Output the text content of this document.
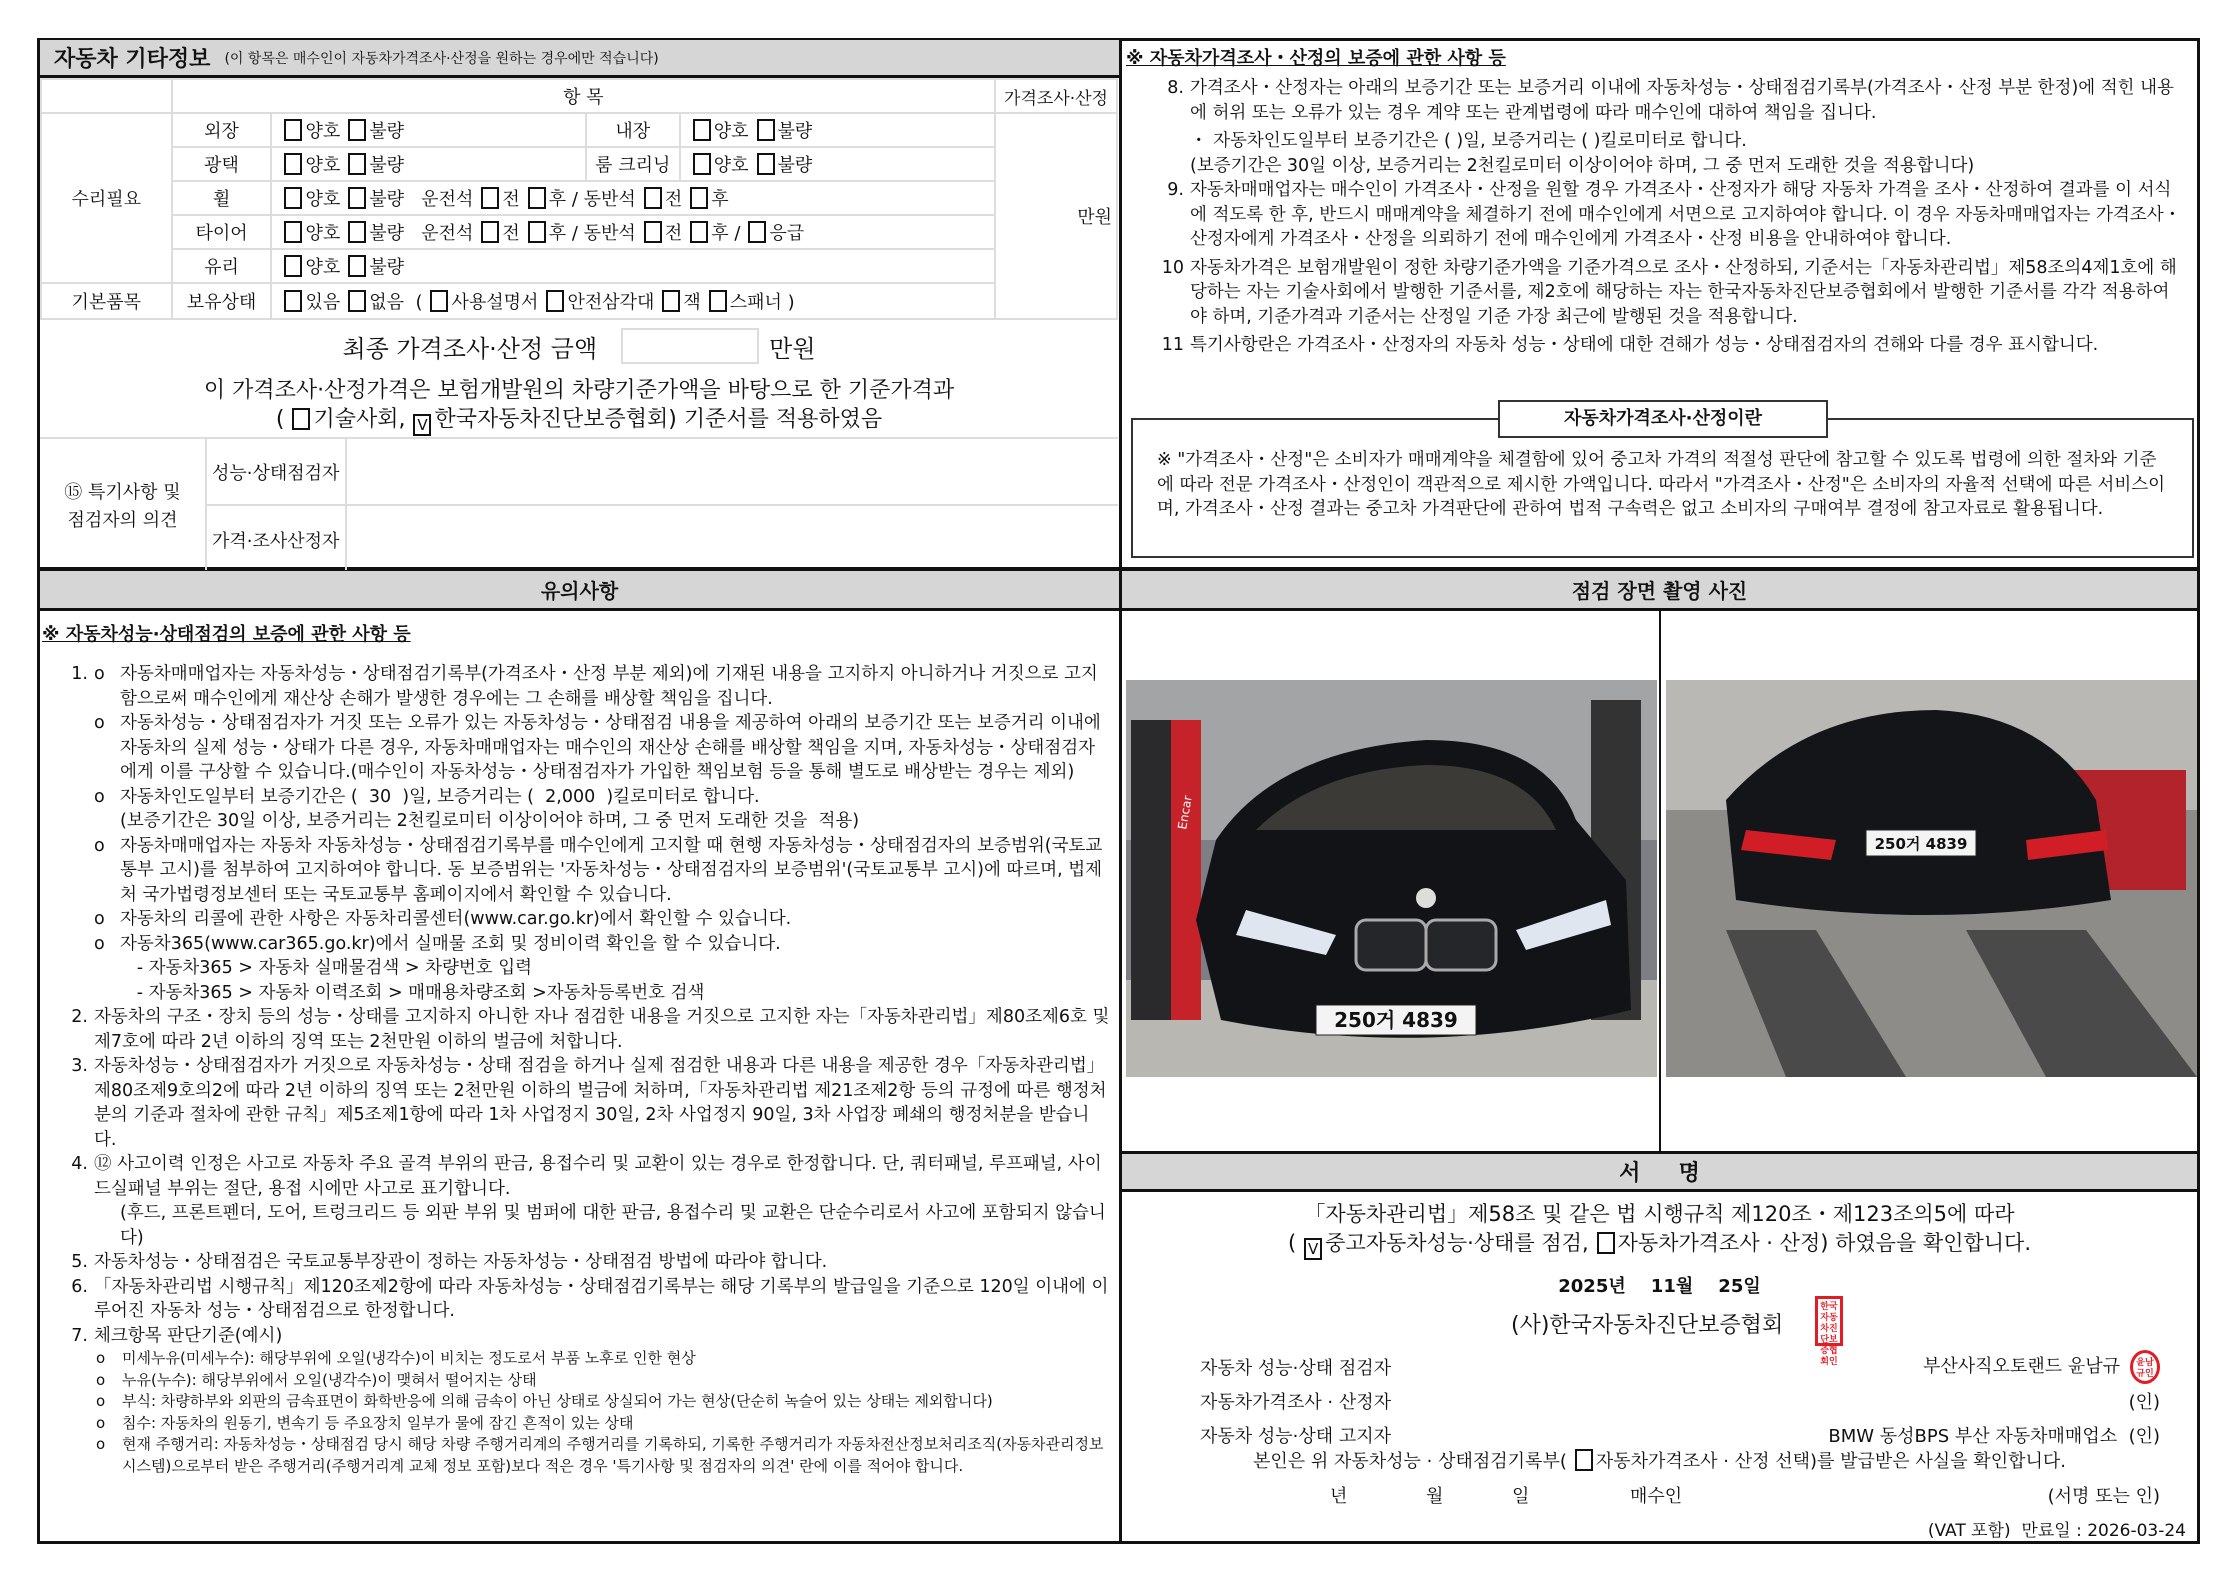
자동차 기타정보 (이 항목은 매수인이 자동차가격조사·산정을 원하는 경우에만 적습니다)
	항 목				가격조사·산정
수리필요	외장	양호 불량	내장	양호 불량	만원
	광택	양호 불량	룸 크리닝	양호 불량	
	휠	양호 불량   운전석 전 후 / 동반석 전 후			
	타이어	양호 불량   운전석 전 후 / 동반석 전 후 / 응급			
	유리	양호 불량			
기본품목	보유상태	있음 없음  ( 사용설명서 안전삼각대 잭 스패너 )			
최종 가격조사·산정 금액	만원
이 가격조사·산정가격은 보험개발원의 차량기준가액을 바탕으로 한 기준가격과
( 기술사회, V 한국자동차진단보증협회) 기준서를 적용하였음
⑮ 특기사항 및
점검자의 의견
성능·상태점검자
가격·조사산정자
※ 자동차가격조사・산정의 보증에 관한 사항 등
8. 가격조사・산정자는 아래의 보증기간 또는 보증거리 이내에 자동차성능・상태점검기록부(가격조사・산정 부분 한정)에 적힌 내용에 허위 또는 오류가 있는 경우 계약 또는 관계법령에 따라 매수인에 대하여 책임을 집니다.
・ 자동차인도일부터 보증기간은 ( )일, 보증거리는 ( )킬로미터로 합니다.
(보증기간은 30일 이상, 보증거리는 2천킬로미터 이상이어야 하며, 그 중 먼저 도래한 것을 적용합니다)
9. 자동차매매업자는 매수인이 가격조사・산정을 원할 경우 가격조사・산정자가 해당 자동차 가격을 조사・산정하여 결과를 이 서식에 적도록 한 후, 반드시 매매계약을 체결하기 전에 매수인에게 서면으로 고지하여야 합니다. 이 경우 자동차매매업자는 가격조사・산정자에게 가격조사・산정을 의뢰하기 전에 매수인에게 가격조사・산정 비용을 안내하여야 합니다.
10 자동차가격은 보험개발원이 정한 차량기준가액을 기준가격으로 조사・산정하되, 기준서는「자동차관리법」제58조의4제1호에 해당하는 자는 기술사회에서 발행한 기준서를, 제2호에 해당하는 자는 한국자동차진단보증협회에서 발행한 기준서를 각각 적용하여야 하며, 기준가격과 기준서는 산정일 기준 가장 최근에 발행된 것을 적용합니다.
11 특기사항란은 가격조사・산정자의 자동차 성능・상태에 대한 견해가 성능・상태점검자의 견해와 다를 경우 표시합니다.
※ "가격조사・산정"은 소비자가 매매계약을 체결함에 있어 중고차 가격의 적절성 판단에 참고할 수 있도록 법령에 의한 절차와 기준에 따라 전문 가격조사・산정인이 객관적으로 제시한 가액입니다. 따라서 "가격조사・산정"은 소비자의 자율적 선택에 따른 서비스이며, 가격조사・산정 결과는 중고차 가격판단에 관하여 법적 구속력은 없고 소비자의 구매여부 결정에 참고자료로 활용됩니다.
자동차가격조사·산정이란
유의사항
※ 자동차성능·상태점검의 보증에 관한 사항 등
1. o 자동차매매업자는 자동차성능・상태점검기록부(가격조사・산정 부분 제외)에 기재된 내용을 고지하지 아니하거나 거짓으로 고지함으로써 매수인에게 재산상 손해가 발생한 경우에는 그 손해를 배상할 책임을 집니다.
o 자동차성능・상태점검자가 거짓 또는 오류가 있는 자동차성능・상태점검 내용을 제공하여 아래의 보증기간 또는 보증거리 이내에 자동차의 실제 성능・상태가 다른 경우, 자동차매매업자는 매수인의 재산상 손해를 배상할 책임을 지며, 자동차성능・상태점검자에게 이를 구상할 수 있습니다.(매수인이 자동차성능・상태점검자가 가입한 책임보험 등을 통해 별도로 배상받는 경우는 제외)
o 자동차인도일부터 보증기간은 (  30  )일, 보증거리는 (  2,000  )킬로미터로 합니다.
(보증기간은 30일 이상, 보증거리는 2천킬로미터 이상이어야 하며, 그 중 먼저 도래한 것을  적용)
o 자동차매매업자는 자동차 자동차성능・상태점검기록부를 매수인에게 고지할 때 현행 자동차성능・상태점검자의 보증범위(국토교통부 고시)를 첨부하여 고지하여야 합니다. 동 보증범위는 '자동차성능・상태점검자의 보증범위'(국토교통부 고시)에 따르며, 법제처 국가법령정보센터 또는 국토교통부 홈페이지에서 확인할 수 있습니다.
o 자동차의 리콜에 관한 사항은 자동차리콜센터(www.car.go.kr)에서 확인할 수 있습니다.
o 자동차365(www.car365.go.kr)에서 실매물 조회 및 정비이력 확인을 할 수 있습니다.
- 자동차365 > 자동차 실매물검색 > 차량번호 입력
- 자동차365 > 자동차 이력조회 > 매매용차량조회 >자동차등록번호 검색
2. 자동차의 구조・장치 등의 성능・상태를 고지하지 아니한 자나 점검한 내용을 거짓으로 고지한 자는「자동차관리법」제80조제6호 및 제7호에 따라 2년 이하의 징역 또는 2천만원 이하의 벌금에 처합니다.
3. 자동차성능・상태점검자가 거짓으로 자동차성능・상태 점검을 하거나 실제 점검한 내용과 다른 내용을 제공한 경우「자동차관리법」제80조제9호의2에 따라 2년 이하의 징역 또는 2천만원 이하의 벌금에 처하며,「자동차관리법 제21조제2항 등의 규정에 따른 행정처분의 기준과 절차에 관한 규칙」제5조제1항에 따라 1차 사업정지 30일, 2차 사업정지 90일, 3차 사업장 폐쇄의 행정처분을 받습니다.
4. ⑫ 사고이력 인정은 사고로 자동차 주요 골격 부위의 판금, 용접수리 및 교환이 있는 경우로 한정합니다. 단, 쿼터패널, 루프패널, 사이드실패널 부위는 절단, 용접 시에만 사고로 표기합니다.
(후드, 프론트펜더, 도어, 트렁크리드 등 외판 부위 및 범퍼에 대한 판금, 용접수리 및 교환은 단순수리로서 사고에 포함되지 않습니다)
5. 자동차성능・상태점검은 국토교통부장관이 정하는 자동차성능・상태점검 방법에 따라야 합니다.
6. 「자동차관리법 시행규칙」제120조제2항에 따라 자동차성능・상태점검기록부는 해당 기록부의 발급일을 기준으로 120일 이내에 이루어진 자동차 성능・상태점검으로 한정합니다.
7. 체크항목 판단기준(예시)
o	미세누유(미세누수): 해당부위에 오일(냉각수)이 비치는 정도로서 부품 노후로 인한 현상
o	누유(누수): 해당부위에서 오일(냉각수)이 맺혀서 떨어지는 상태
o	부식: 차량하부와 외판의 금속표면이 화학반응에 의해 금속이 아닌 상태로 상실되어 가는 현상(단순히 녹슬어 있는 상태는 제외합니다)
o	침수: 자동차의 원동기, 변속기 등 주요장치 일부가 물에 잠긴 흔적이 있는 상태
o	현재 주행거리: 자동차성능・상태점검 당시 해당 차량 주행거리계의 주행거리를 기록하되, 기록한 주행거리가 자동차전산정보처리조직(자동차관리정보시스템)으로부터 받은 주행거리(주행거리계 교체 정보 포함)보다 적은 경우 '특기사항 및 점검자의 의견' 란에 이를 적어야 합니다.
점검 장면 촬영 사진
250거 4839
Encar
250거 4839
서     명
「자동차관리법」제58조 및 같은 법 시행규칙 제120조・제123조의5에 따라
( V 중고자동차성능·상태를 점검, 자동차가격조사 · 산정) 하였음을 확인합니다.
2025년    11월    25일
(사)한국자동차진단보증협회
한국자동차진단보증협회인
자동차 성능·상태 점검자	부산사직오토랜드 윤남규 윤남규인
자동차가격조사 · 산정자	(인)
자동차 성능·상태 고지자	BMW 동성BPS 부산 자동차매매업소 (인)
본인은 위 자동차성능 · 상태점검기록부( 자동차가격조사 · 산정 선택)를 발급받은 사실을 확인합니다.
년	월	일	매수인	(서명 또는 인)
(VAT 포함)  만료일 : 2026-03-24
